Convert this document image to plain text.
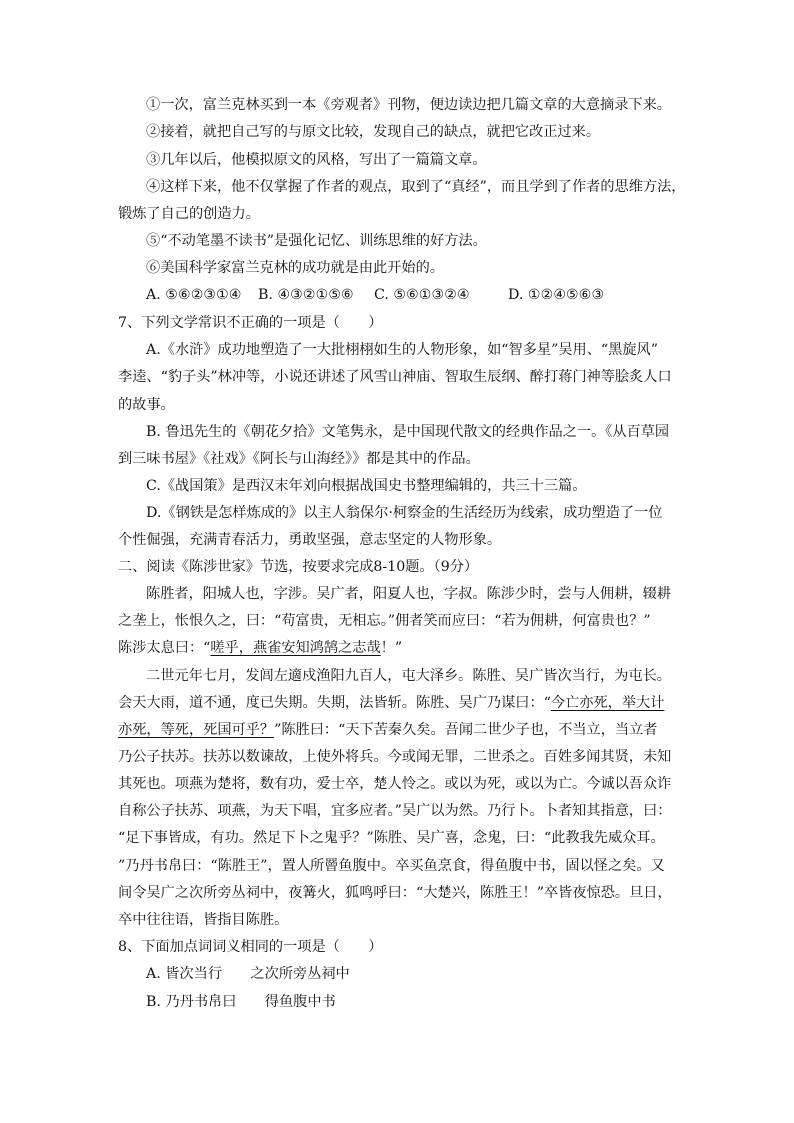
①一次，富兰克林买到一本《旁观者》刊物，便边读边把几篇文章的大意摘录下来。
②接着，就把自己写的与原文比较，发现自己的缺点，就把它改正过来。
③几年以后，他模拟原文的风格，写出了一篇篇文章。
④这样下来，他不仅掌握了作者的观点，取到了“真经”，而且学到了作者的思维方法，
锻炼了自己的创造力。
⑤“不动笔墨不读书”是强化记忆、训练思维的好方法。
⑥美国科学家富兰克林的成功就是由此开始的。
A. ⑤⑥②③①④ B. ④③②①⑤⑥ C. ⑤⑥①③②④	D. ①②④⑤⑥③
7、下列文学常识不正确的一项是（　　）
A.《水浒》成功地塑造了一大批栩栩如生的人物形象，如“智多星”吴用、“黑旋风”
李逵、“豹子头”林冲等，小说还讲述了风雪山神庙、智取生辰纲、醉打蒋门神等脍炙人口
的故事。
B. 鲁迅先生的《朝花夕拾》文笔隽永，是中国现代散文的经典作品之一。《从百草园
到三味书屋》《社戏》《阿长与山海经》》都是其中的作品。
C.《战国策》是西汉末年刘向根据战国史书整理编辑的，共三十三篇。
D.《钢铁是怎样炼成的》以主人翁保尔·柯察金的生活经历为线索，成功塑造了一位
个性倔强，充满青春活力，勇敢坚强，意志坚定的人物形象。
二、阅读《陈涉世家》节选，按要求完成8-10题。（9分）
陈胜者，阳城人也，字涉。吴广者，阳夏人也，字叔。陈涉少时，尝与人佣耕，辍耕
之垄上，怅恨久之，曰：“苟富贵，无相忘。”佣者笑而应曰：“若为佣耕，何富贵也？”
陈涉太息曰：“嗟乎，燕雀安知鸿鹄之志哉！”
二世元年七月，发闾左適戍渔阳九百人，屯大泽乡。陈胜、吴广皆次当行，为屯长。
会天大雨，道不通，度已失期。失期，法皆斩。陈胜、吴广乃谋曰：“今亡亦死，举大计
亦死，等死，死国可乎？”陈胜曰：“天下苦秦久矣。吾闻二世少子也，不当立，当立者
乃公子扶苏。扶苏以数谏故，上使外将兵。今或闻无罪，二世杀之。百姓多闻其贤，未知
其死也。项燕为楚将，数有功，爱士卒，楚人怜之。或以为死，或以为亡。今诚以吾众诈
自称公子扶苏、项燕，为天下唱，宜多应者。”吴广以为然。乃行卜。卜者知其指意，曰：
“足下事皆成，有功。然足下卜之鬼乎？”陈胜、吴广喜，念鬼，曰：“此教我先威众耳。
”乃丹书帛曰：“陈胜王”，置人所罾鱼腹中。卒买鱼烹食，得鱼腹中书，固以怪之矣。又
间令吴广之次所旁丛祠中，夜篝火，狐鸣呼曰：“大楚兴，陈胜王！”卒皆夜惊恐。旦日，
卒中往往语，皆指目陈胜。
8、下面加点词词义相同的一项是（　　）
A. 皆次当行　　之次所旁丛祠中
B. 乃丹书帛曰　　得鱼腹中书
